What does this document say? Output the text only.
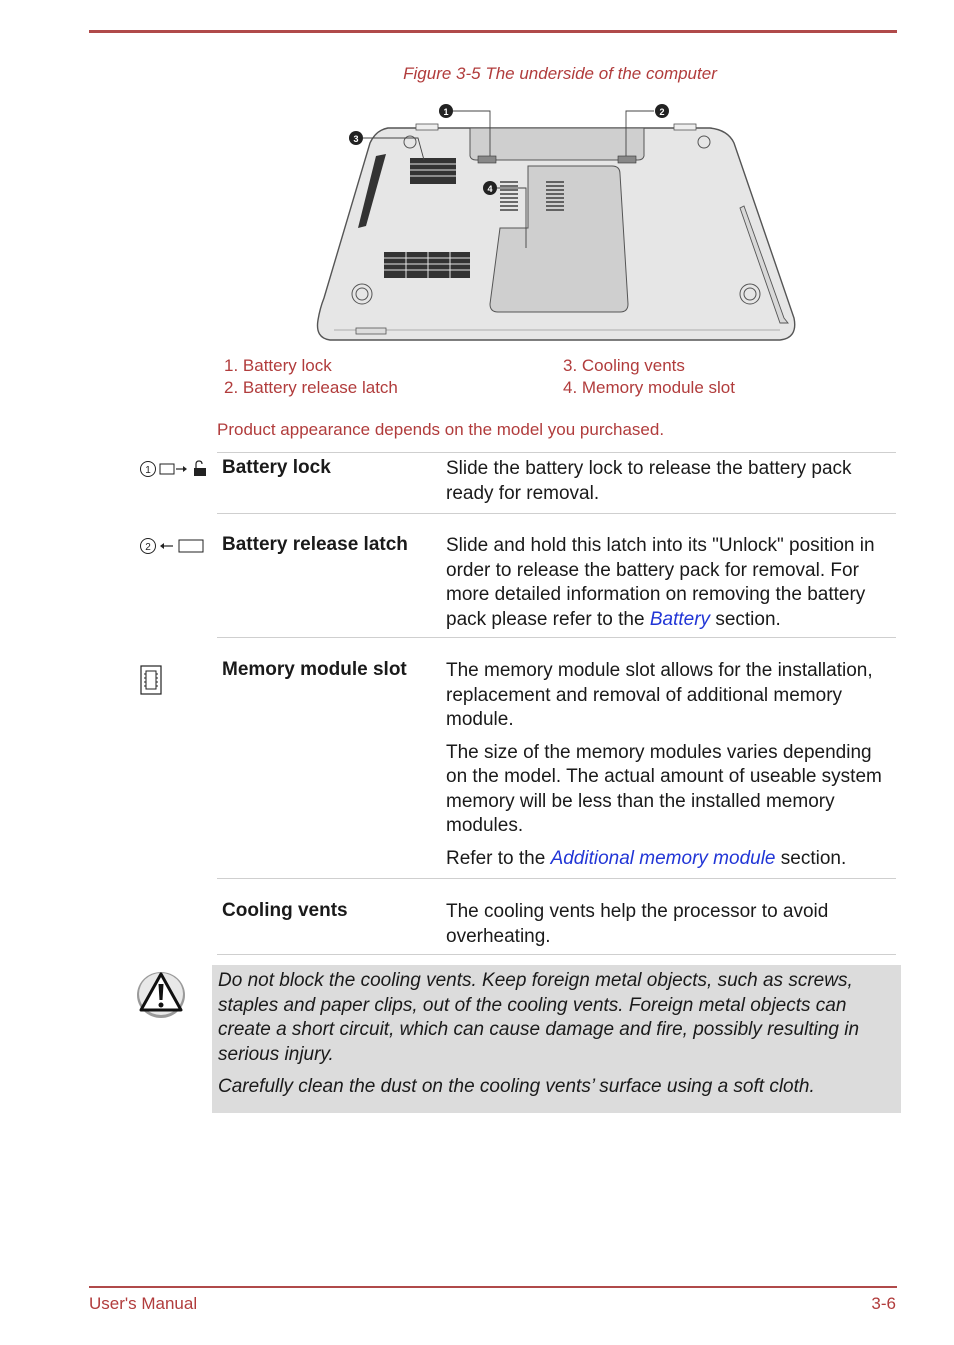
Figure 3-5 The underside of the computer
1	2
3
4
1. Battery lock
2. Battery release latch
3. Cooling vents
4. Memory module slot
Product appearance depends on the model you purchased.
1	Battery lock	Slide the battery lock to release the battery pack ready for removal.
2	Battery release latch	Slide and hold this latch into its "Unlock" position in order to release the battery pack for removal. For more detailed information on removing the battery pack please refer to the Battery section.
Memory module slot	The memory module slot allows for the installation, replacement and removal of additional memory module.

The size of the memory modules varies depending on the model. The actual amount of useable system memory will be less than the installed memory modules.

Refer to the Additional memory module section.

Cooling vents	The cooling vents help the processor to avoid overheating.

Do not block the cooling vents. Keep foreign metal objects, such as screws, staples and paper clips, out of the cooling vents. Foreign metal objects can create a short circuit, which can cause damage and fire, possibly resulting in serious injury.

Carefully clean the dust on the cooling vents’ surface using a soft cloth.

User's Manual	3-6
